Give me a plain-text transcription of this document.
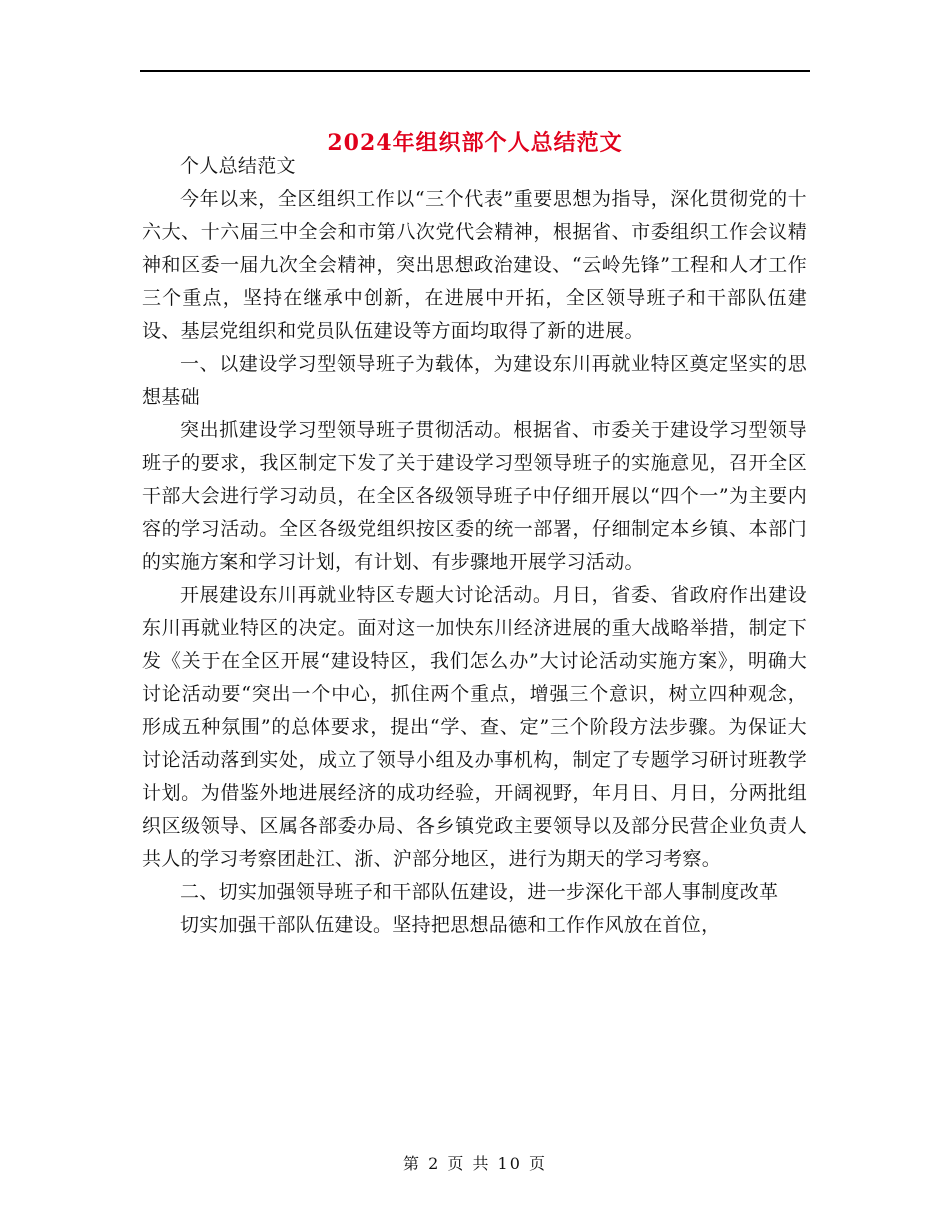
2024年组织部个人总结范文

个人总结范文

今年以来，全区组织工作以“三个代表”重要思想为指导，深化贯彻党的十六大、十六届三中全会和市第八次党代会精神，根据省、市委组织工作会议精神和区委一届九次全会精神，突出思想政治建设、“云岭先锋”工程和人才工作三个重点，坚持在继承中创新，在进展中开拓，全区领导班子和干部队伍建设、基层党组织和党员队伍建设等方面均取得了新的进展。

一、以建设学习型领导班子为载体，为建设东川再就业特区奠定坚实的思想基础

突出抓建设学习型领导班子贯彻活动。根据省、市委关于建设学习型领导班子的要求，我区制定下发了关于建设学习型领导班子的实施意见，召开全区干部大会进行学习动员，在全区各级领导班子中仔细开展以“四个一”为主要内容的学习活动。全区各级党组织按区委的统一部署，仔细制定本乡镇、本部门的实施方案和学习计划，有计划、有步骤地开展学习活动。

开展建设东川再就业特区专题大讨论活动。月日，省委、省政府作出建设东川再就业特区的决定。面对这一加快东川经济进展的重大战略举措，制定下发《关于在全区开展“建设特区，我们怎么办”大讨论活动实施方案》，明确大讨论活动要“突出一个中心，抓住两个重点，增强三个意识，树立四种观念，形成五种氛围”的总体要求，提出“学、查、定”三个阶段方法步骤。为保证大讨论活动落到实处，成立了领导小组及办事机构，制定了专题学习研讨班教学计划。为借鉴外地进展经济的成功经验，开阔视野，年月日、月日，分两批组织区级领导、区属各部委办局、各乡镇党政主要领导以及部分民营企业负责人共人的学习考察团赴江、浙、沪部分地区，进行为期天的学习考察。

二、切实加强领导班子和干部队伍建设，进一步深化干部人事制度改革

切实加强干部队伍建设。坚持把思想品德和工作作风放在首位，

第 2 页 共 10 页
